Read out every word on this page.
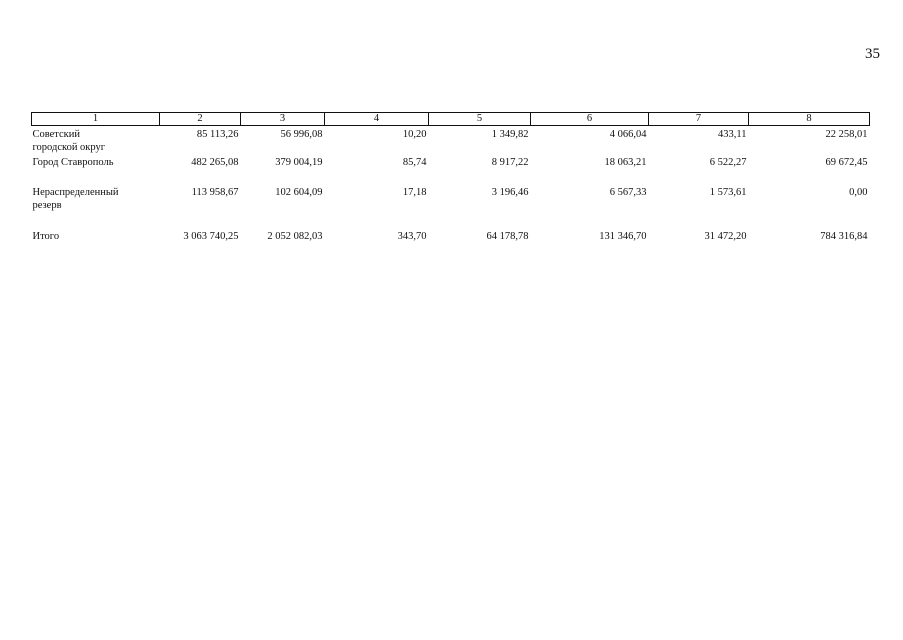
35
1	2	3	4	5	6	7	8

Советский
городской округ	85 113,26	56 996,08	10,20	1 349,82	4 066,04	433,11	22 258,01

Город Ставрополь	482 265,08	379 004,19	85,74	8 917,22	18 063,21	6 522,27	69 672,45

Нераспределенный
резерв	113 958,67	102 604,09	17,18	3 196,46	6 567,33	1 573,61	0,00

Итого	3 063 740,25	2 052 082,03	343,70	64 178,78	131 346,70	31 472,20	784 316,84
